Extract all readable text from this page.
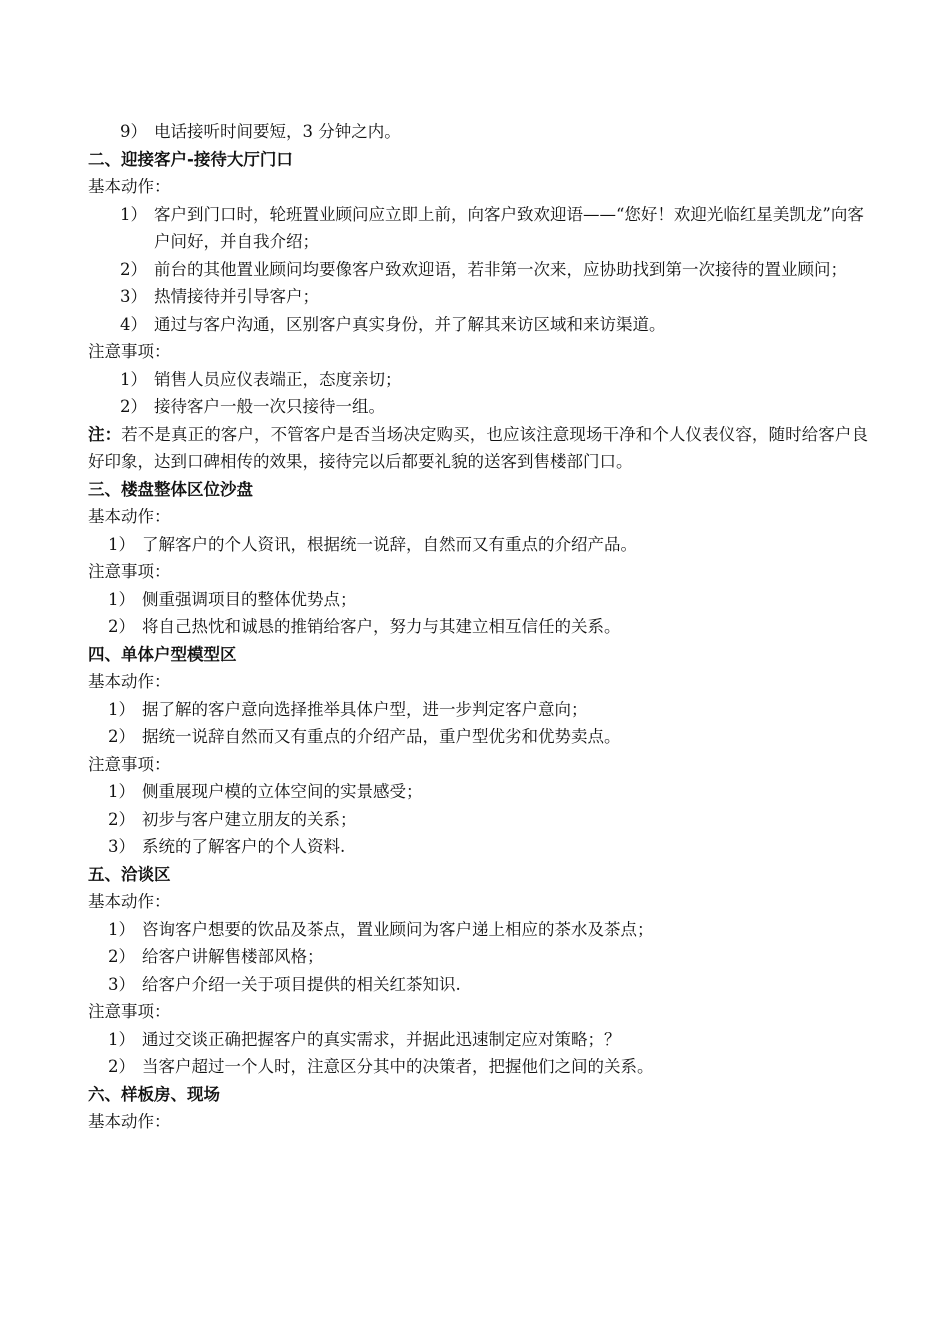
9） 电话接听时间要短，3 分钟之内。
二、迎接客户-接待大厅门口
基本动作：
1） 客户到门口时，轮班置业顾问应立即上前，向客户致欢迎语——“您好！欢迎光临红星美凯龙”向客户问好，并自我介绍；
2） 前台的其他置业顾问均要像客户致欢迎语，若非第一次来，应协助找到第一次接待的置业顾问；
3） 热情接待并引导客户；
4） 通过与客户沟通，区别客户真实身份，并了解其来访区域和来访渠道。
注意事项：
1） 销售人员应仪表端正，态度亲切；
2） 接待客户一般一次只接待一组。
注：若不是真正的客户，不管客户是否当场决定购买，也应该注意现场干净和个人仪表仪容，随时给客户良好印象，达到口碑相传的效果，接待完以后都要礼貌的送客到售楼部门口。
三、楼盘整体区位沙盘
基本动作：
1） 了解客户的个人资讯，根据统一说辞，自然而又有重点的介绍产品。
注意事项：
1） 侧重强调项目的整体优势点；
2） 将自己热忱和诚恳的推销给客户，努力与其建立相互信任的关系。
四、单体户型模型区
基本动作：
1） 据了解的客户意向选择推举具体户型，进一步判定客户意向；
2） 据统一说辞自然而又有重点的介绍产品，重户型优劣和优势卖点。
注意事项：
1） 侧重展现户模的立体空间的实景感受；
2） 初步与客户建立朋友的关系；
3） 系统的了解客户的个人资料.
五、洽谈区
基本动作：
1） 咨询客户想要的饮品及茶点，置业顾问为客户递上相应的茶水及茶点；
2） 给客户讲解售楼部风格；
3） 给客户介绍一关于项目提供的相关红茶知识.
注意事项：
1） 通过交谈正确把握客户的真实需求，并据此迅速制定应对策略；？
2） 当客户超过一个人时，注意区分其中的决策者，把握他们之间的关系。
六、样板房、现场
基本动作：
